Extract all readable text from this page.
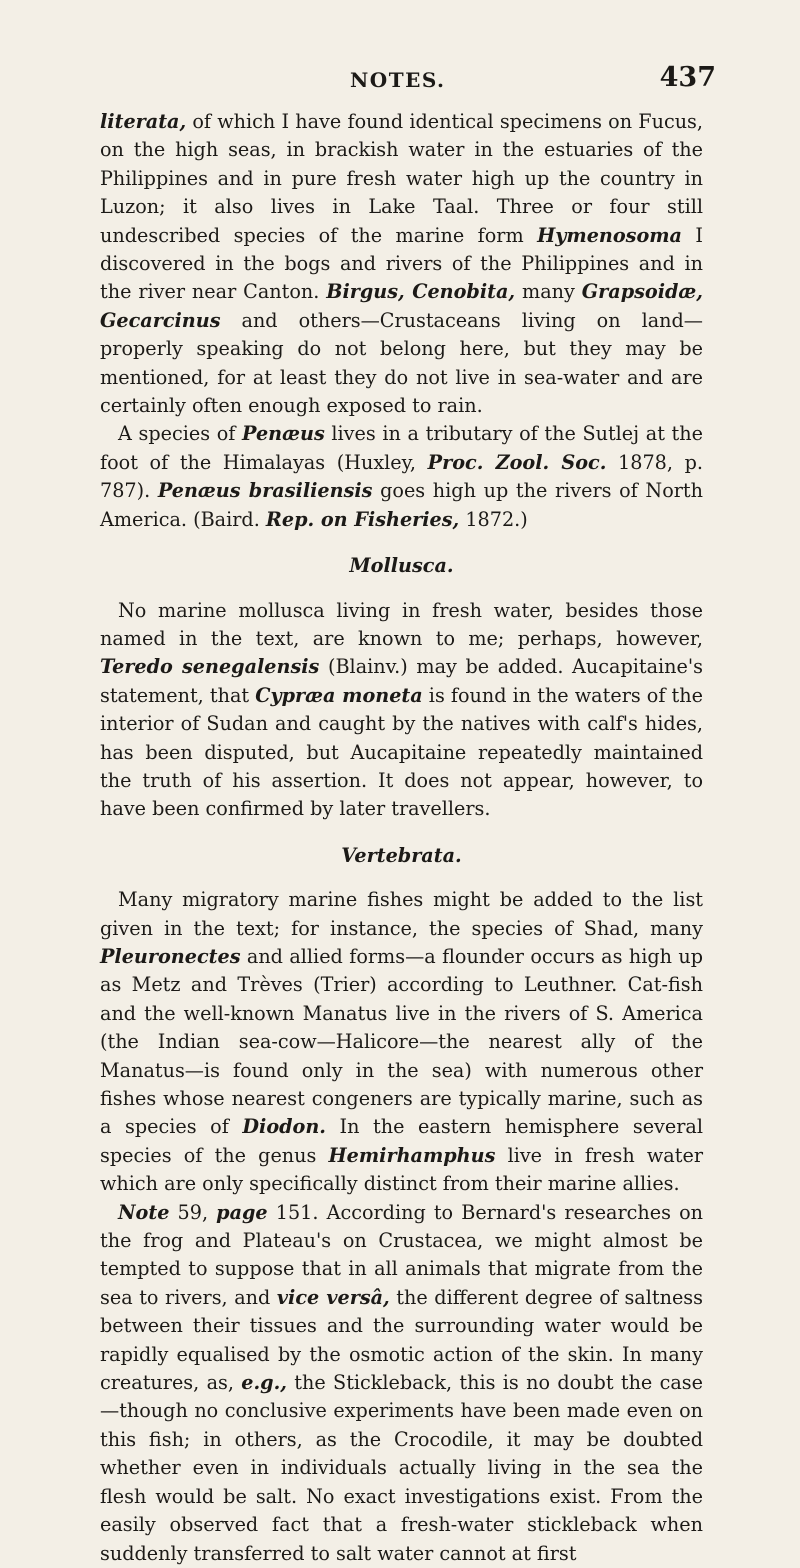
NOTES.	437

literata, of which I have found identical specimens on Fucus, on the high seas, in brackish water in the estuaries of the Philippines and in pure fresh water high up the country in Luzon; it also lives in Lake Taal. Three or four still undescribed species of the marine form Hymenosoma I discovered in the bogs and rivers of the Philippines and in the river near Canton. Birgus, Cenobita, many Grapsoidæ, Gecarcinus and others—Crustaceans living on land—properly speaking do not belong here, but they may be mentioned, for at least they do not live in sea-water and are certainly often enough exposed to rain.

A species of Penæus lives in a tributary of the Sutlej at the foot of the Himalayas (Huxley, Proc. Zool. Soc. 1878, p. 787). Penæus brasiliensis goes high up the rivers of North America. (Baird. Rep. on Fisheries, 1872.)

Mollusca.

No marine mollusca living in fresh water, besides those named in the text, are known to me; perhaps, however, Teredo senegalensis (Blainv.) may be added. Aucapitaine's statement, that Cypræa moneta is found in the waters of the interior of Sudan and caught by the natives with calf's hides, has been disputed, but Aucapitaine repeatedly maintained the truth of his assertion. It does not appear, however, to have been confirmed by later travellers.

Vertebrata.

Many migratory marine fishes might be added to the list given in the text; for instance, the species of Shad, many Pleuronectes and allied forms—a flounder occurs as high up as Metz and Trèves (Trier) according to Leuthner. Cat-fish and the well-known Manatus live in the rivers of S. America (the Indian sea-cow—Halicore—the nearest ally of the Manatus—is found only in the sea) with numerous other fishes whose nearest congeners are typically marine, such as a species of Diodon. In the eastern hemisphere several species of the genus Hemirhamphus live in fresh water which are only specifically distinct from their marine allies.

Note 59, page 151. According to Bernard's researches on the frog and Plateau's on Crustacea, we might almost be tempted to suppose that in all animals that migrate from the sea to rivers, and vice versâ, the different degree of saltness between their tissues and the surrounding water would be rapidly equalised by the osmotic action of the skin. In many creatures, as, e.g., the Stickleback, this is no doubt the case—though no conclusive experiments have been made even on this fish; in others, as the Crocodile, it may be doubted whether even in individuals actually living in the sea the flesh would be salt. No exact investigations exist. From the easily observed fact that a fresh-water stickleback when suddenly transferred to salt water cannot at first
